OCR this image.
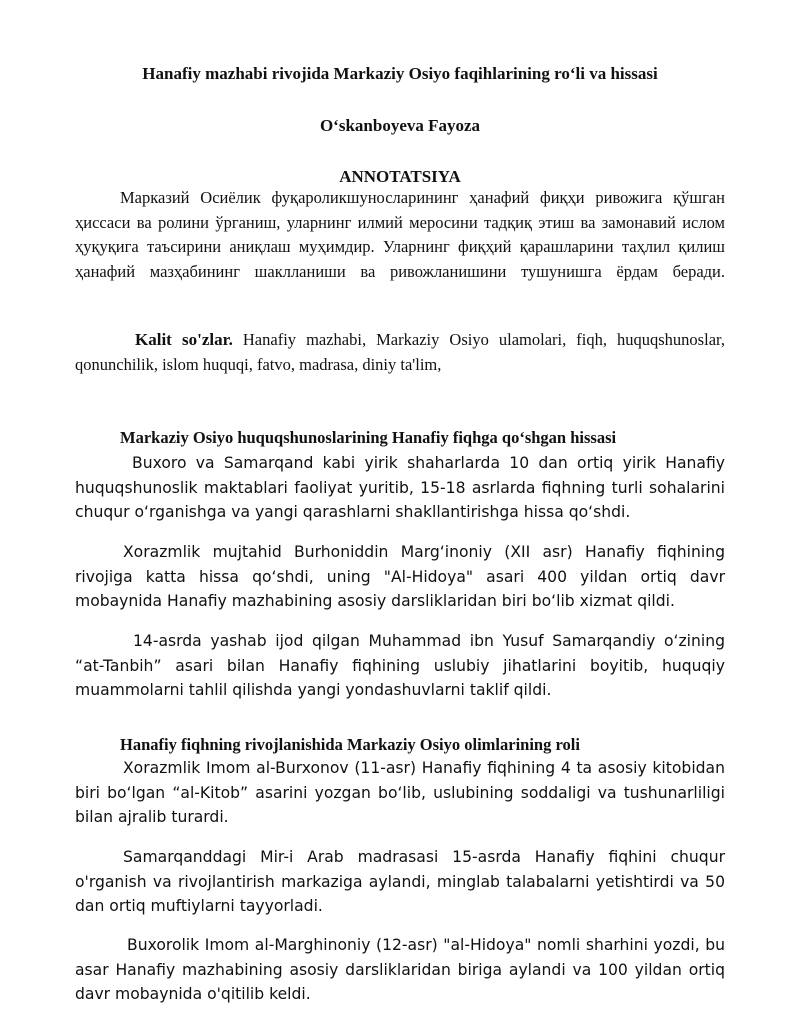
Hanafiy mazhabi rivojida Markaziy Osiyo faqihlarining ro‘li va hissasi
O‘skanboyeva Fayoza
ANNOTATSIYA
Марказий Осиёлик фуқароликшуносларининг ҳанафий фиқҳи ривожига қўшган ҳиссаси ва ролини ўрганиш, уларнинг илмий меросини тадқиқ этиш ва замонавий ислом ҳуқуқига таъсирини аниқлаш муҳимдир. Уларнинг фиқҳий қарашларини таҳлил қилиш ҳанафий мазҳабининг шаклланиши ва ривожланишини тушунишга ёрдам беради.
Kalit so'zlar. Hanafiy mazhabi, Markaziy Osiyo ulamolari, fiqh, huquqshunoslar, qonunchilik, islom huquqi, fatvo, madrasa, diniy ta'lim,
Markaziy Osiyo huquqshunoslarining Hanafiy fiqhga qo‘shgan hissasi
Buxoro va Samarqand kabi yirik shaharlarda 10 dan ortiq yirik Hanafiy huquqshunoslik maktablari faoliyat yuritib, 15-18 asrlarda fiqhning turli sohalarini chuqur o‘rganishga va yangi qarashlarni shakllantirishga hissa qo‘shdi.
Xorazmlik mujtahid Burhoniddin Marg‘inoniy (XII asr) Hanafiy fiqhining rivojiga katta hissa qo‘shdi, uning "Al-Hidoya" asari 400 yildan ortiq davr mobaynida Hanafiy mazhabining asosiy darsliklaridan biri bo‘lib xizmat qildi.
14-asrda yashab ijod qilgan Muhammad ibn Yusuf Samarqandiy o‘zining “at-Tanbih” asari bilan Hanafiy fiqhining uslubiy jihatlarini boyitib, huquqiy muammolarni tahlil qilishda yangi yondashuvlarni taklif qildi.
Hanafiy fiqhning rivojlanishida Markaziy Osiyo olimlarining roli
Xorazmlik Imom al-Burxonov (11-asr) Hanafiy fiqhining 4 ta asosiy kitobidan biri bo‘lgan “al-Kitob” asarini yozgan bo‘lib, uslubining soddaligi va tushunarliligi bilan ajralib turardi.
Samarqanddagi Mir-i Arab madrasasi 15-asrda Hanafiy fiqhini chuqur o'rganish va rivojlantirish markaziga aylandi, minglab talabalarni yetishtirdi va 50 dan ortiq muftiylarni tayyorladi.
Buxorolik Imom al-Marghinoniy (12-asr) "al-Hidoya" nomli sharhini yozdi, bu asar Hanafiy mazhabining asosiy darsliklaridan biriga aylandi va 100 yildan ortiq davr mobaynida o'qitilib keldi.
